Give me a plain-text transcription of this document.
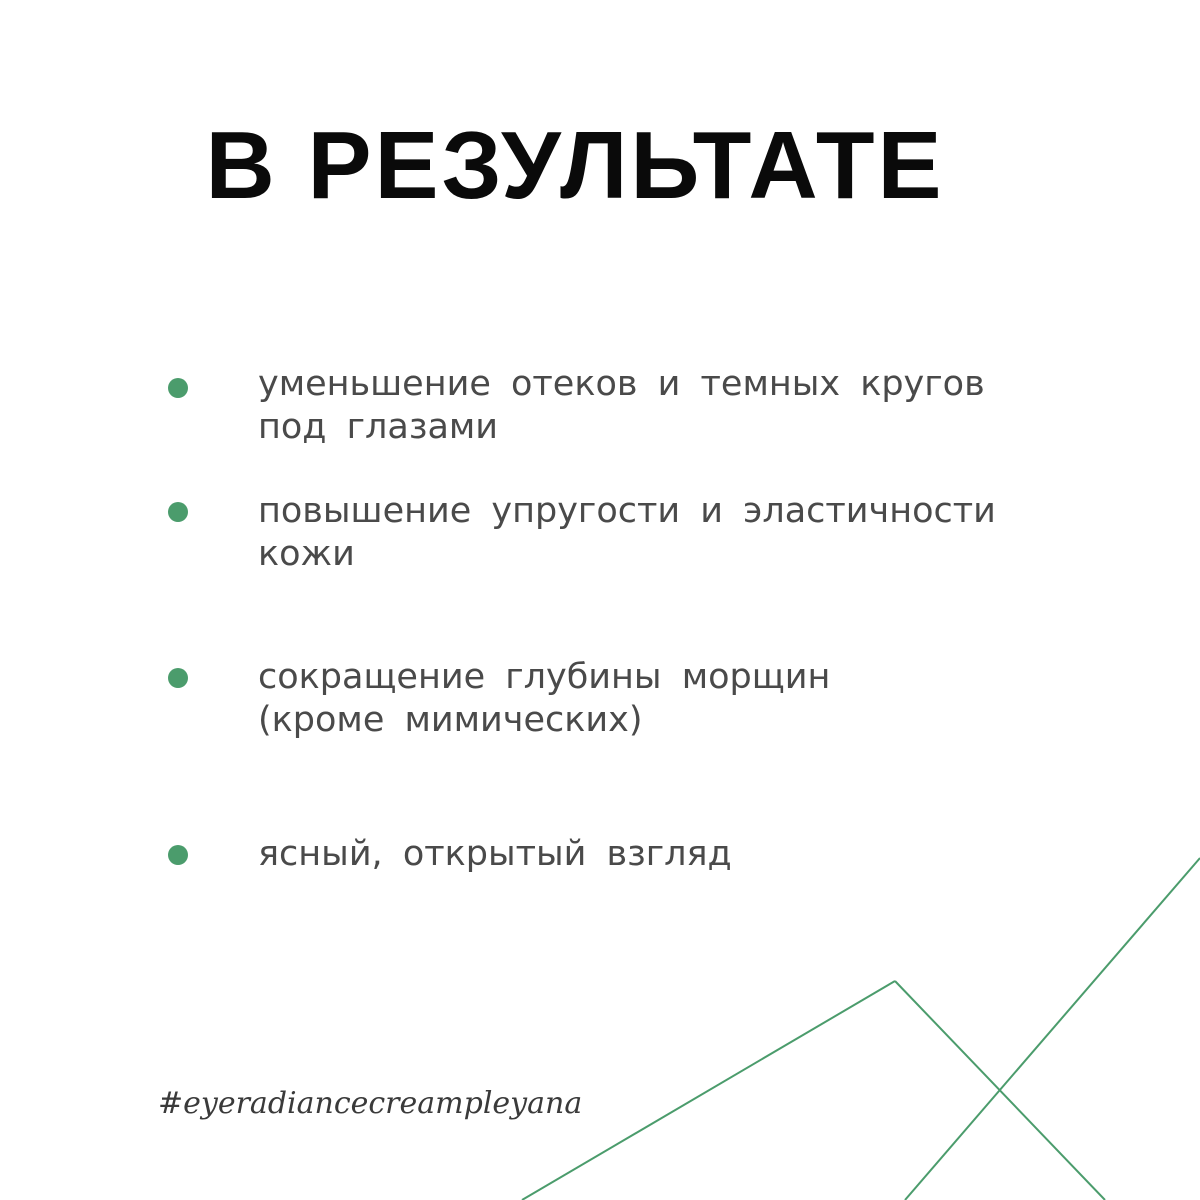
В РЕЗУЛЬТАТЕ
уменьшение отеков и темных кругов
под глазами
повышение упругости и эластичности
кожи
сокращение глубины морщин
(кроме мимических)
ясный, открытый взгляд

#eyeradiancecreampleyana
